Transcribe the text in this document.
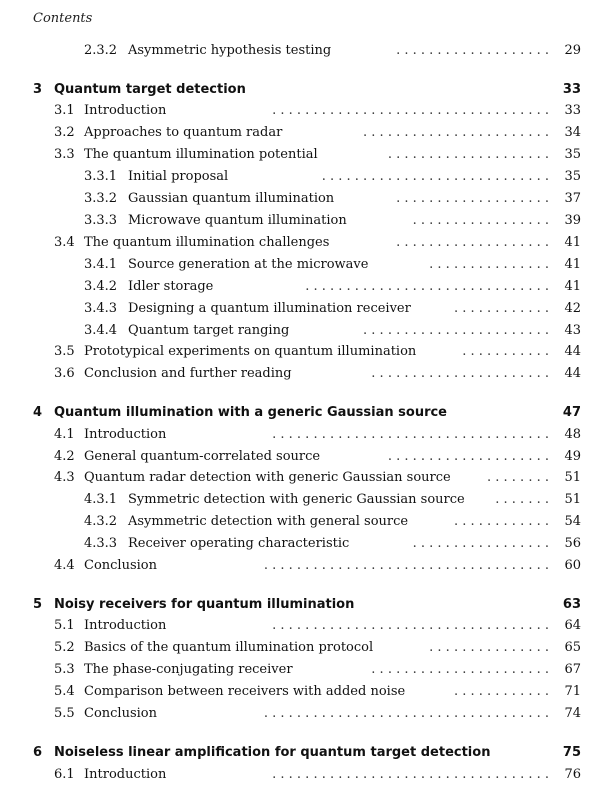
Contents
2.3.2 Asymmetric hypothesis testing	. . . . . . . . . . . . . . . . . . . 29
3 Quantum target detection	33
3.1 Introduction	. . . . . . . . . . . . . . . . . . . . . . . . . . . . . . . . . . 33
3.2 Approaches to quantum radar	. . . . . . . . . . . . . . . . . . . . . . . 34
3.3 The quantum illumination potential	. . . . . . . . . . . . . . . . . . . . 35
3.3.1 Initial proposal	. . . . . . . . . . . . . . . . . . . . . . . . . . . . 35
3.3.2 Gaussian quantum illumination	. . . . . . . . . . . . . . . . . . . 37
3.3.3 Microwave quantum illumination	. . . . . . . . . . . . . . . . . 39
3.4 The quantum illumination challenges	. . . . . . . . . . . . . . . . . . . 41
3.4.1 Source generation at the microwave	. . . . . . . . . . . . . . . 41
3.4.2 Idler storage	. . . . . . . . . . . . . . . . . . . . . . . . . . . . . . 41
3.4.3 Designing a quantum illumination receiver	. . . . . . . . . . . . 42
3.4.4 Quantum target ranging	. . . . . . . . . . . . . . . . . . . . . . . 43
3.5 Prototypical experiments on quantum illumination	. . . . . . . . . . . 44
3.6 Conclusion and further reading	. . . . . . . . . . . . . . . . . . . . . . 44
4 Quantum illumination with a generic Gaussian source	47
4.1 Introduction	. . . . . . . . . . . . . . . . . . . . . . . . . . . . . . . . . . 48
4.2 General quantum-correlated source	. . . . . . . . . . . . . . . . . . . . 49
4.3 Quantum radar detection with generic Gaussian source	. . . . . . . . 51
4.3.1 Symmetric detection with generic Gaussian source	. . . . . . . 51
4.3.2 Asymmetric detection with general source	. . . . . . . . . . . . 54
4.3.3 Receiver operating characteristic	. . . . . . . . . . . . . . . . . 56
4.4 Conclusion	. . . . . . . . . . . . . . . . . . . . . . . . . . . . . . . . . . . 60
5 Noisy receivers for quantum illumination	63
5.1 Introduction	. . . . . . . . . . . . . . . . . . . . . . . . . . . . . . . . . . 64
5.2 Basics of the quantum illumination protocol	. . . . . . . . . . . . . . . 65
5.3 The phase-conjugating receiver	. . . . . . . . . . . . . . . . . . . . . . 67
5.4 Comparison between receivers with added noise	. . . . . . . . . . . . 71
5.5 Conclusion	. . . . . . . . . . . . . . . . . . . . . . . . . . . . . . . . . . . 74
6 Noiseless linear amplification for quantum target detection	75
6.1 Introduction	. . . . . . . . . . . . . . . . . . . . . . . . . . . . . . . . . . 76
